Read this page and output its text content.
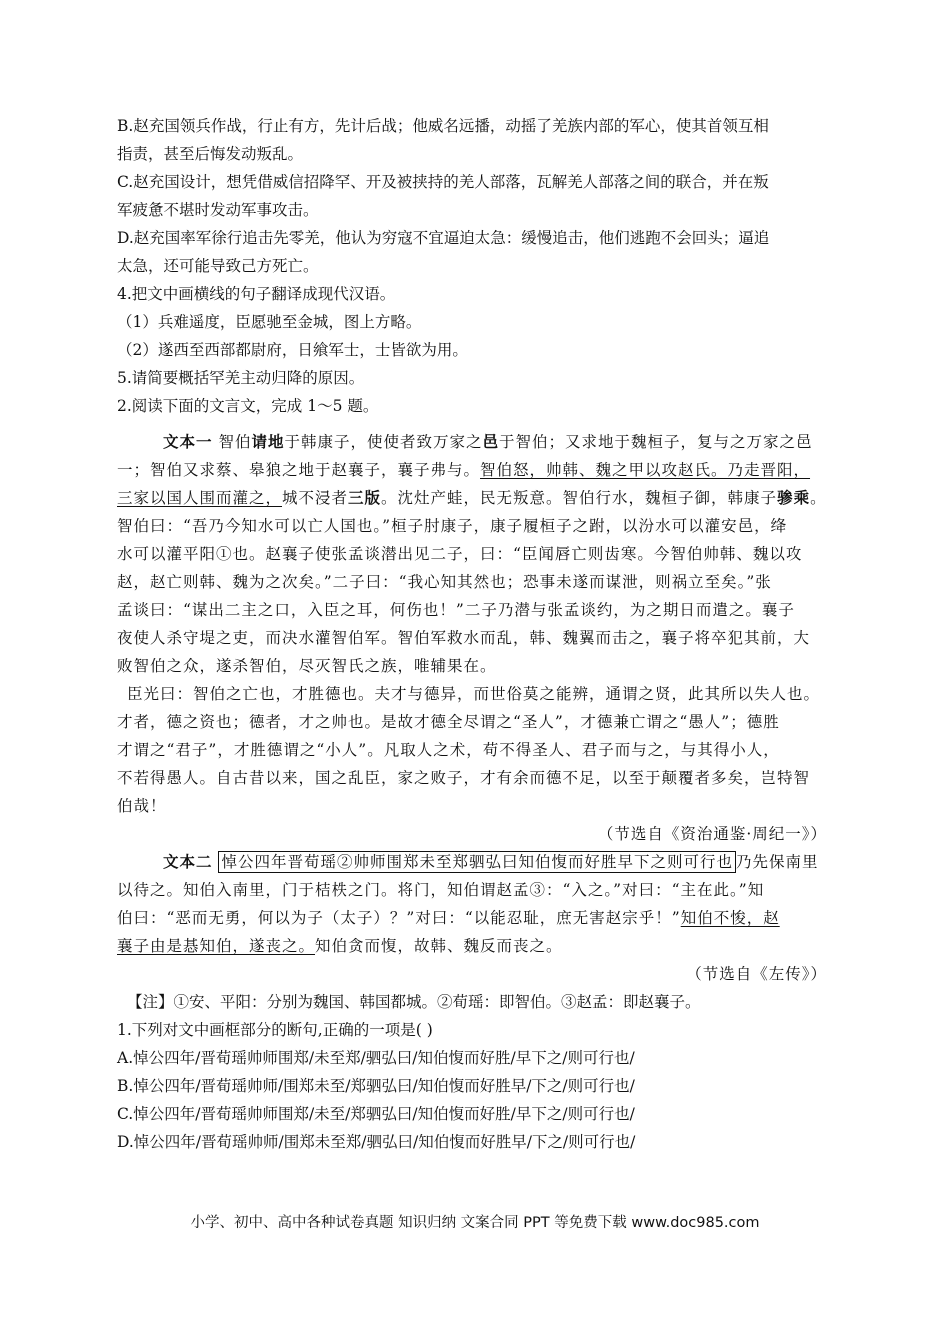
B.赵充国领兵作战，行止有方，先计后战；他威名远播，动摇了羌族内部的军心，使其首领互相
指责，甚至后悔发动叛乱。
C.赵充国设计，想凭借威信招降罕、开及被挟持的羌人部落，瓦解羌人部落之间的联合，并在叛
军疲惫不堪时发动军事攻击。
D.赵充国率军徐行追击先零羌，他认为穷寇不宜逼迫太急：缓慢追击，他们逃跑不会回头；逼追
太急，还可能导致己方死亡。
4.把文中画横线的句子翻译成现代汉语。
（1）兵难遥度，臣愿驰至金城，图上方略。
（2）遂西至西部都尉府，日飨军士，士皆欲为用。
5.请简要概括罕羌主动归降的原因。
2.阅读下面的文言文，完成 1～5 题。
文本一 智伯请地于韩康子，使使者致万家之邑于智伯；又求地于魏桓子，复与之万家之邑
一；智伯又求蔡、皋狼之地于赵襄子，襄子弗与。智伯怒，帅韩、魏之甲以攻赵氏。乃走晋阳，
三家以国人围而灌之，城不浸者三版。沈灶产蛙，民无叛意。智伯行水，魏桓子御，韩康子骖乘。
智伯曰：“吾乃今知水可以亡人国也。”桓子肘康子，康子履桓子之跗，以汾水可以灌安邑，绛
水可以灌平阳①也。赵襄子使张孟谈潜出见二子，曰：“臣闻唇亡则齿寒。今智伯帅韩、魏以攻
赵，赵亡则韩、魏为之次矣。”二子曰：“我心知其然也；恐事未遂而谋泄，则祸立至矣。”张
孟谈曰：“谋出二主之口，入臣之耳，何伤也！”二子乃潜与张孟谈约，为之期日而遣之。襄子
夜使人杀守堤之吏，而决水灌智伯军。智伯军救水而乱，韩、魏翼而击之，襄子将卒犯其前，大
败智伯之众，遂杀智伯，尽灭智氏之族，唯辅果在。
臣光曰：智伯之亡也，才胜德也。夫才与德异，而世俗莫之能辨，通谓之贤，此其所以失人也。
才者，德之资也；德者，才之帅也。是故才德全尽谓之“圣人”，才德兼亡谓之“愚人”；德胜
才谓之“君子”，才胜德谓之“小人”。凡取人之术，苟不得圣人、君子而与之，与其得小人，
不若得愚人。自古昔以来，国之乱臣，家之败子，才有余而德不足，以至于颠覆者多矣，岂特智
伯哉！
（节选自《资治通鉴·周纪一》）
文本二 悼公四年晋荀瑶②帅师围郑未至郑驷弘曰知伯愎而好胜早下之则可行也 乃先保南里
以待之。知伯入南里，门于桔柣之门。将门，知伯谓赵孟③：“入之。”对曰：“主在此。”知
伯曰：“恶而无勇，何以为子（太子）？”对曰：“以能忍耻，庶无害赵宗乎！”知伯不悛，赵
襄子由是惎知伯，遂丧之。知伯贪而愎，故韩、魏反而丧之。
（节选自《左传》）
【注】①安、平阳：分别为魏国、韩国都城。②荀瑶：即智伯。③赵孟：即赵襄子。
1.下列对文中画框部分的断句,正确的一项是( )
A.悼公四年/晋荀瑶帅师围郑/未至郑/驷弘曰/知伯愎而好胜/早下之/则可行也/
B.悼公四年/晋荀瑶帅师/围郑未至/郑驷弘曰/知伯愎而好胜早/下之/则可行也/
C.悼公四年/晋荀瑶帅师围郑/未至/郑驷弘曰/知伯愎而好胜/早下之/则可行也/
D.悼公四年/晋荀瑶帅师/围郑未至郑/驷弘曰/知伯愎而好胜早/下之/则可行也/
小学、初中、高中各种试卷真题 知识归纳 文案合同 PPT 等免费下载 www.doc985.com
